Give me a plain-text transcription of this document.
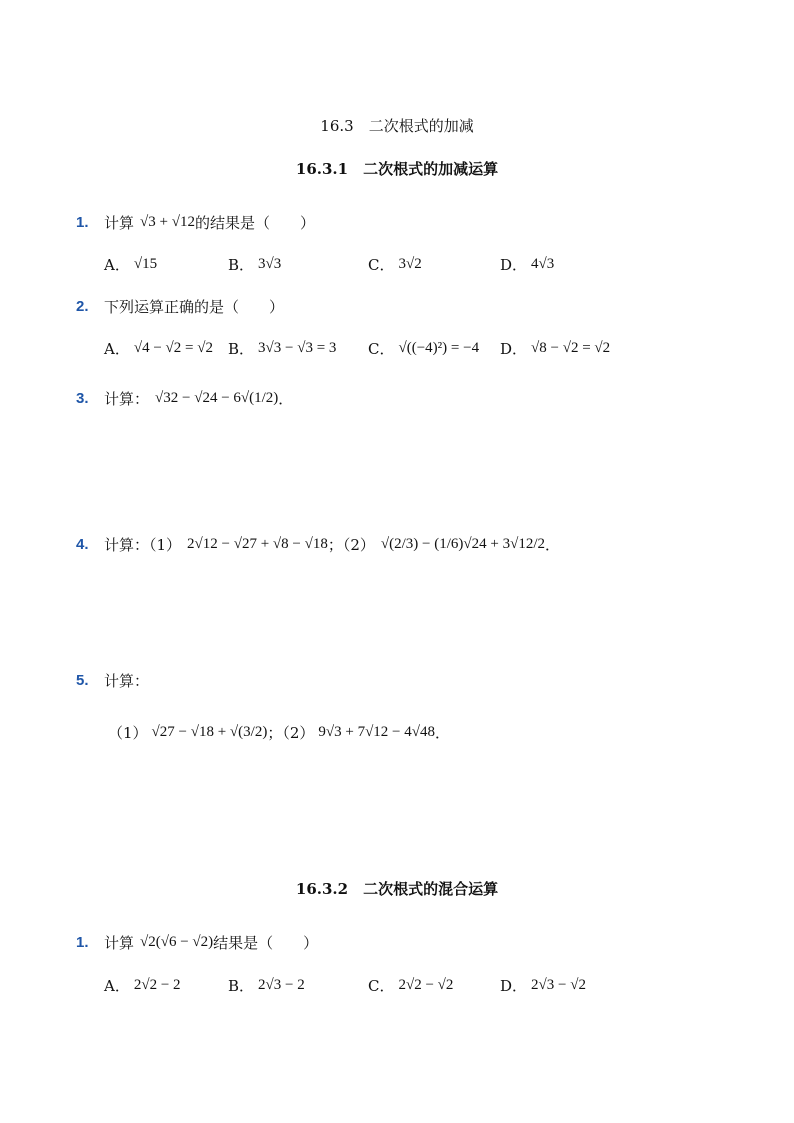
16.3　二次根式的加减
16.3.1　二次根式的加减运算
1.	计算 √3 + √12 的结果是（　　）
A． √15	B． 3√3	C． 3√2	D． 4√3
2.	下列运算正确的是（　　）
A． √4 − √2 = √2 B． 3√3 − √3 = 3 C． √((−4)²) = −4 D． √8 − √2 = √2
3.	计算： √32 − √24 − 6√(1/2) ．
4.	计算：（1） 2√12 − √27 + √8 − √18 ；（2） √(2/3) − (1/6)√24 + 3√12/2 ．
5.	计算：
（1） √27 − √18 + √(3/2) ；（2） 9√3 + 7√12 − 4√48 ．
16.3.2　二次根式的混合运算
1.	计算 √2(√6 − √2) 结果是（　　）
A． 2√2 − 2	B． 2√3 − 2	C． 2√2 − √2	D． 2√3 − √2
